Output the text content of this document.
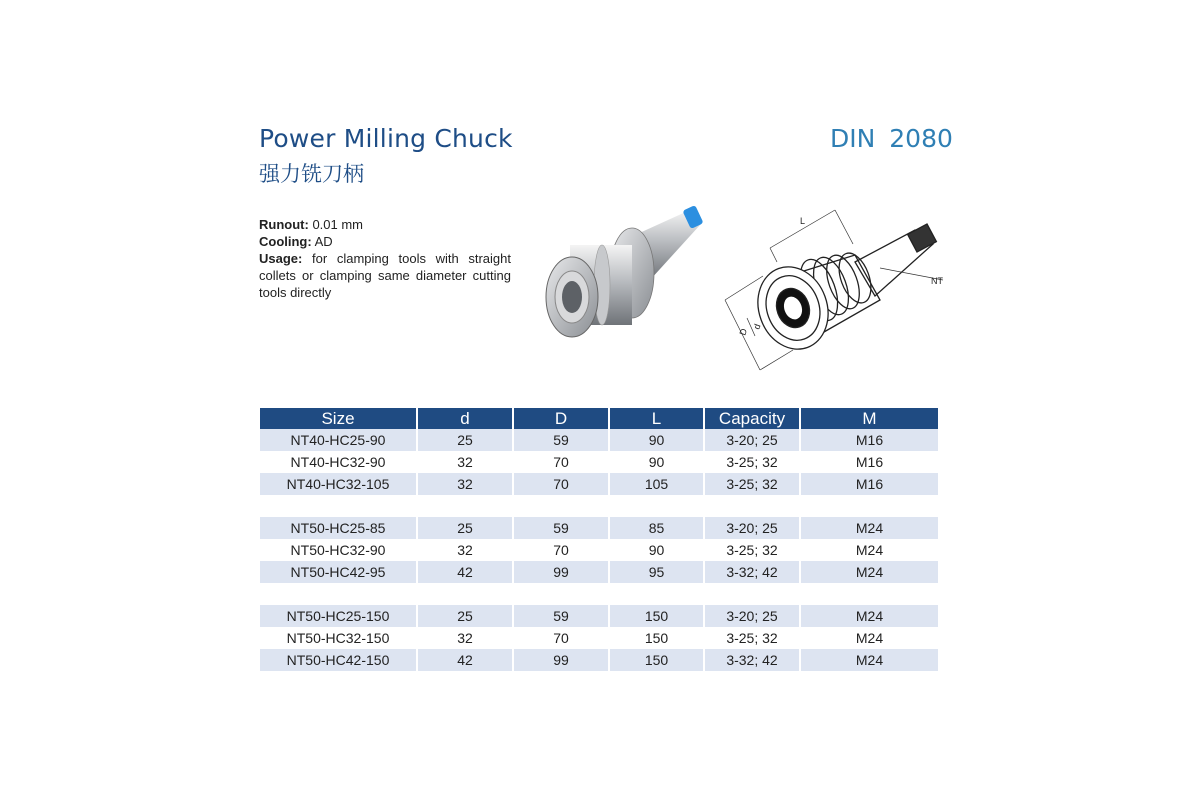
Power Milling Chuck
强力铣刀柄
DIN 2080
Runout: 0.01 mm
Cooling: AD
Usage: for clamping tools with straight collets or clamping same diameter cutting tools directly
L
D
d
NT
Size	d	D	L	Capacity	M
NT40-HC25-90	25	59	90	3-20; 25	M16
NT40-HC32-90	32	70	90	3-25; 32	M16
NT40-HC32-105	32	70	105	3-25; 32	M16

NT50-HC25-85	25	59	85	3-20; 25	M24
NT50-HC32-90	32	70	90	3-25; 32	M24
NT50-HC42-95	42	99	95	3-32; 42	M24

NT50-HC25-150	25	59	150	3-20; 25	M24
NT50-HC32-150	32	70	150	3-25; 32	M24
NT50-HC42-150	42	99	150	3-32; 42	M24
